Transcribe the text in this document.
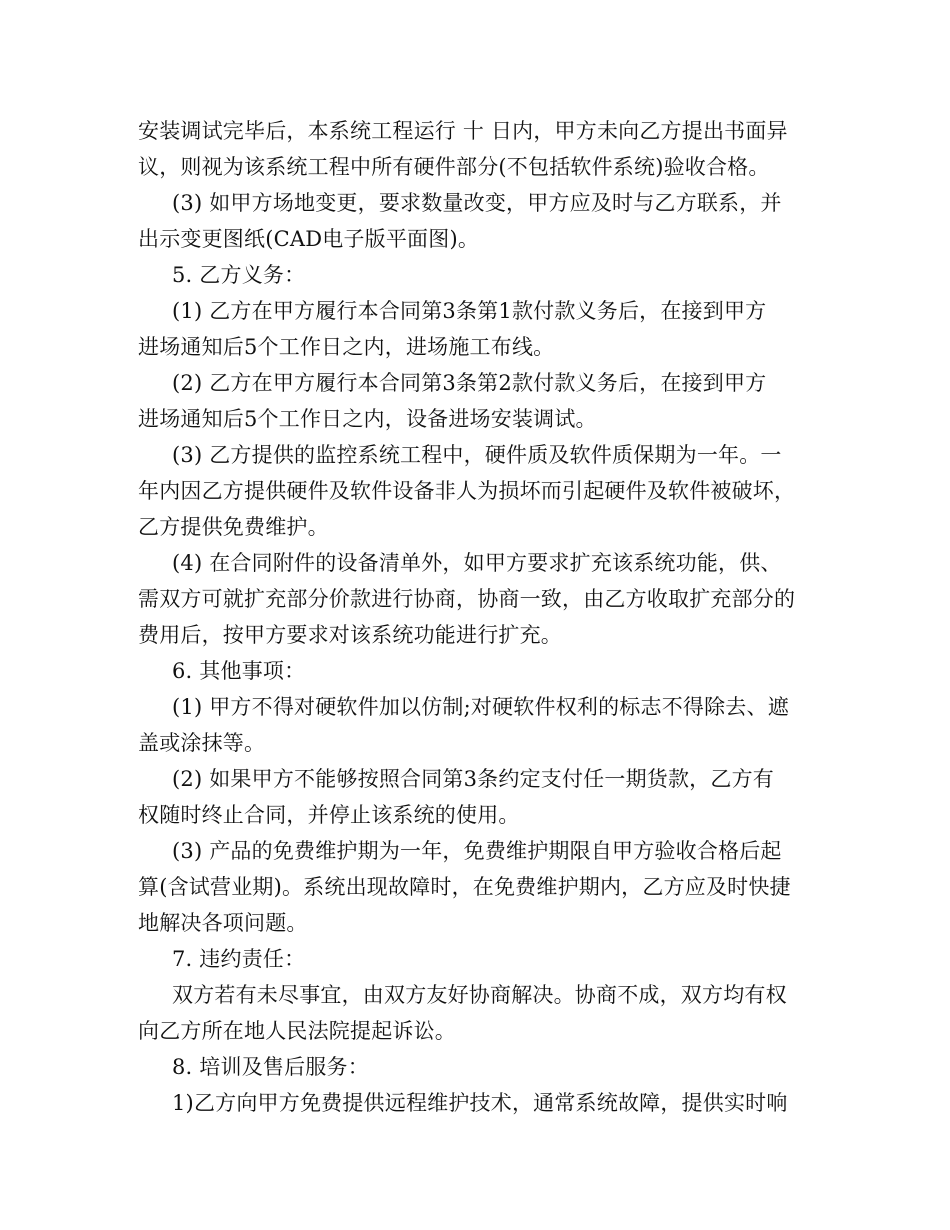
安装调试完毕后，本系统工程运行 十 日内，甲方未向乙方提出书面异
议，则视为该系统工程中所有硬件部分(不包括软件系统)验收合格。
(3) 如甲方场地变更，要求数量改变，甲方应及时与乙方联系，并
出示变更图纸(CAD电子版平面图)。
5. 乙方义务：
(1) 乙方在甲方履行本合同第3条第1款付款义务后，在接到甲方
进场通知后5个工作日之内，进场施工布线。
(2) 乙方在甲方履行本合同第3条第2款付款义务后，在接到甲方
进场通知后5个工作日之内，设备进场安装调试。
(3) 乙方提供的监控系统工程中，硬件质及软件质保期为一年。一
年内因乙方提供硬件及软件设备非人为损坏而引起硬件及软件被破坏，
乙方提供免费维护。
(4) 在合同附件的设备清单外，如甲方要求扩充该系统功能，供、
需双方可就扩充部分价款进行协商，协商一致，由乙方收取扩充部分的
费用后，按甲方要求对该系统功能进行扩充。
6. 其他事项：
(1) 甲方不得对硬软件加以仿制;对硬软件权利的标志不得除去、遮
盖或涂抹等。
(2) 如果甲方不能够按照合同第3条约定支付任一期货款，乙方有
权随时终止合同，并停止该系统的使用。
(3) 产品的免费维护期为一年，免费维护期限自甲方验收合格后起
算(含试营业期)。系统出现故障时，在免费维护期内，乙方应及时快捷
地解决各项问题。
7. 违约责任：
双方若有未尽事宜，由双方友好协商解决。协商不成，双方均有权
向乙方所在地人民法院提起诉讼。
8. 培训及售后服务：
1)乙方向甲方免费提供远程维护技术，通常系统故障，提供实时响
